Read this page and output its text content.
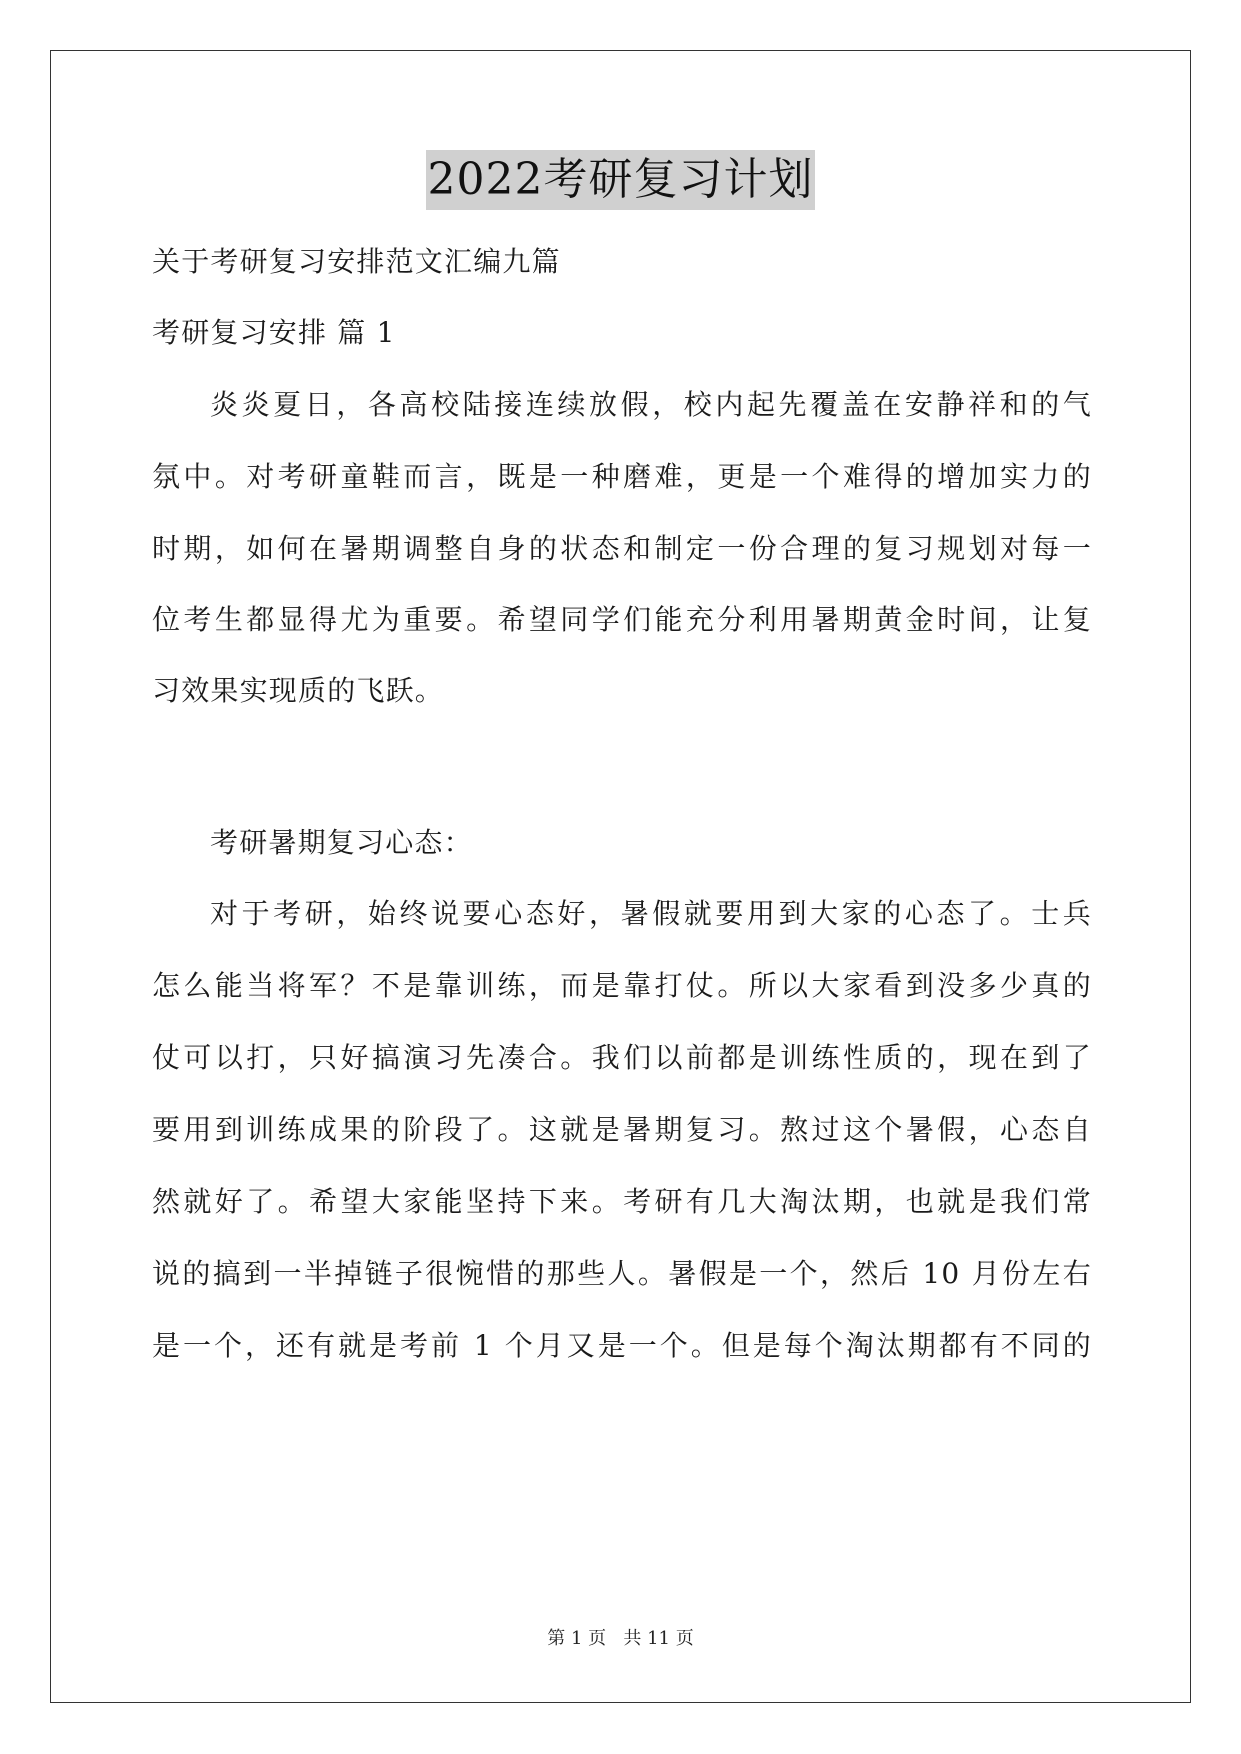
2022考研复习计划
关于考研复习安排范文汇编九篇
考研复习安排 篇 1
炎炎夏日，各高校陆接连续放假，校内起先覆盖在安静祥和的气
氛中。对考研童鞋而言，既是一种磨难，更是一个难得的增加实力的
时期，如何在暑期调整自身的状态和制定一份合理的复习规划对每一
位考生都显得尤为重要。希望同学们能充分利用暑期黄金时间，让复
习效果实现质的飞跃。
考研暑期复习心态：
对于考研，始终说要心态好，暑假就要用到大家的心态了。士兵
怎么能当将军？不是靠训练，而是靠打仗。所以大家看到没多少真的
仗可以打，只好搞演习先凑合。我们以前都是训练性质的，现在到了
要用到训练成果的阶段了。这就是暑期复习。熬过这个暑假，心态自
然就好了。希望大家能坚持下来。考研有几大淘汰期，也就是我们常
说的搞到一半掉链子很惋惜的那些人。暑假是一个，然后 10 月份左右
是一个，还有就是考前 1 个月又是一个。但是每个淘汰期都有不同的
第 1 页   共 11 页
